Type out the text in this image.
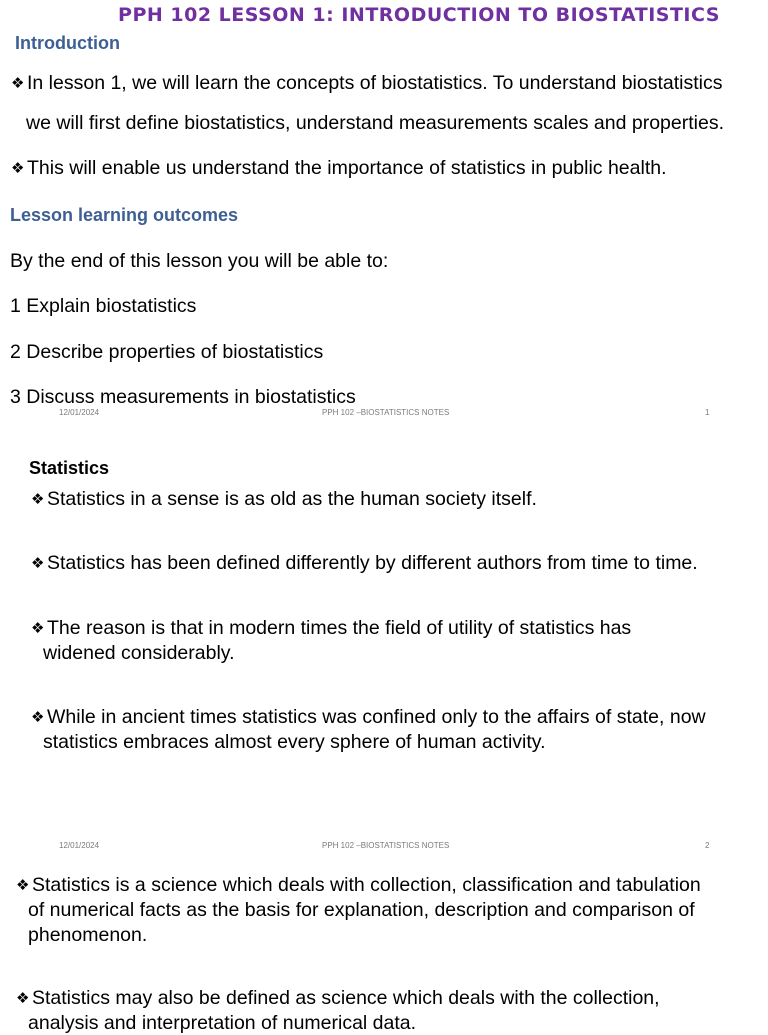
PPH 102 LESSON 1: INTRODUCTION TO BIOSTATISTICS
Introduction
❖ In lesson 1, we will learn the concepts of biostatistics. To understand biostatistics
we will first define biostatistics, understand measurements scales and properties.
❖ This will enable us understand the importance of statistics in public health.
Lesson learning outcomes
By the end of this lesson you will be able to:
1 Explain biostatistics
2 Describe properties of biostatistics
3 Discuss measurements in biostatistics
12/01/2024	PPH 102 –BIOSTATISTICS NOTES	1
Statistics
❖ Statistics in a sense is as old as the human society itself.
❖ Statistics has been defined differently by different authors from time to time.
❖ The reason is that in modern times the field of utility of statistics has
widened considerably.
❖ While in ancient times statistics was confined only to the affairs of state, now
statistics embraces almost every sphere of human activity.
12/01/2024	PPH 102 –BIOSTATISTICS NOTES	2
❖ Statistics is a science which deals with collection, classification and tabulation
of numerical facts as the basis for explanation, description and comparison of
phenomenon.
❖ Statistics may also be defined as science which deals with the collection,
analysis and interpretation of numerical data.
